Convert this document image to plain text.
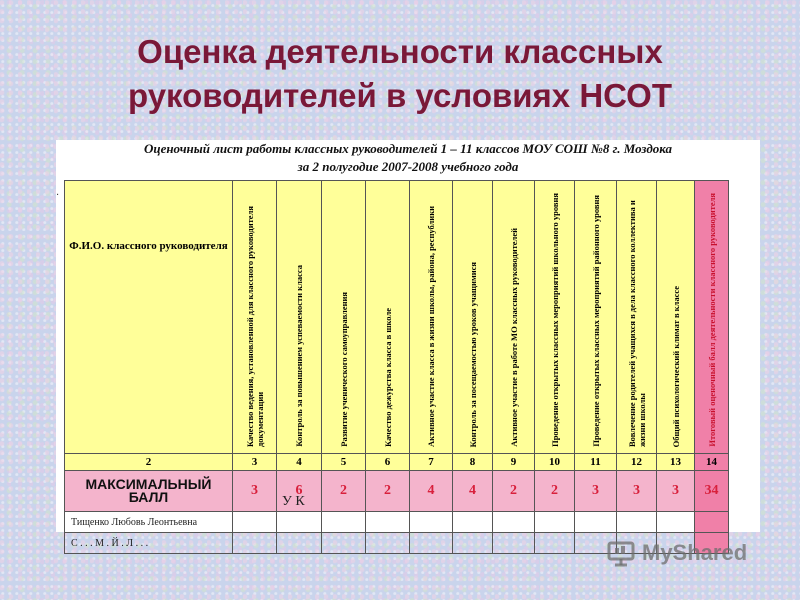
Оценка деятельности классных
руководителей в условиях НСОТ
Оценочный лист работы классных руководителей 1 – 11 классов МОУ СОШ №8 г. Моздока
за 2 полугодие 2007-2008 учебного года
·
Ф.И.О. классного руководителя	Качество ведения, установленной для классного руководителя документации	Контроль за повышением успеваемости класса	Развитие ученического самоуправления	Качество дежурства класса в школе	Активное участие класса в жизни школы, района, республики	Контроль за посещаемостью уроков учащимися	Активное участие в работе МО классных руководителей	Проведение открытых классных мероприятий школьного уровня	Проведение открытых классных мероприятий районного уровня	Вовлечение родителей учащихся в дела классного коллектива и жизни школы	Общий психологический климат в классе	Итоговый оценочный балл деятельности классного руководителя

2	3	4	5	6	7	8	9	10	11	12	13	14
МАКСИМАЛЬНЫЙ БАЛЛ	3	6	2	2	4	4	2	2	3	3	3	34
Тищенко Любовь Леонтьевна												
С . . . М . Й . Л . . .												
У К
MyShared
